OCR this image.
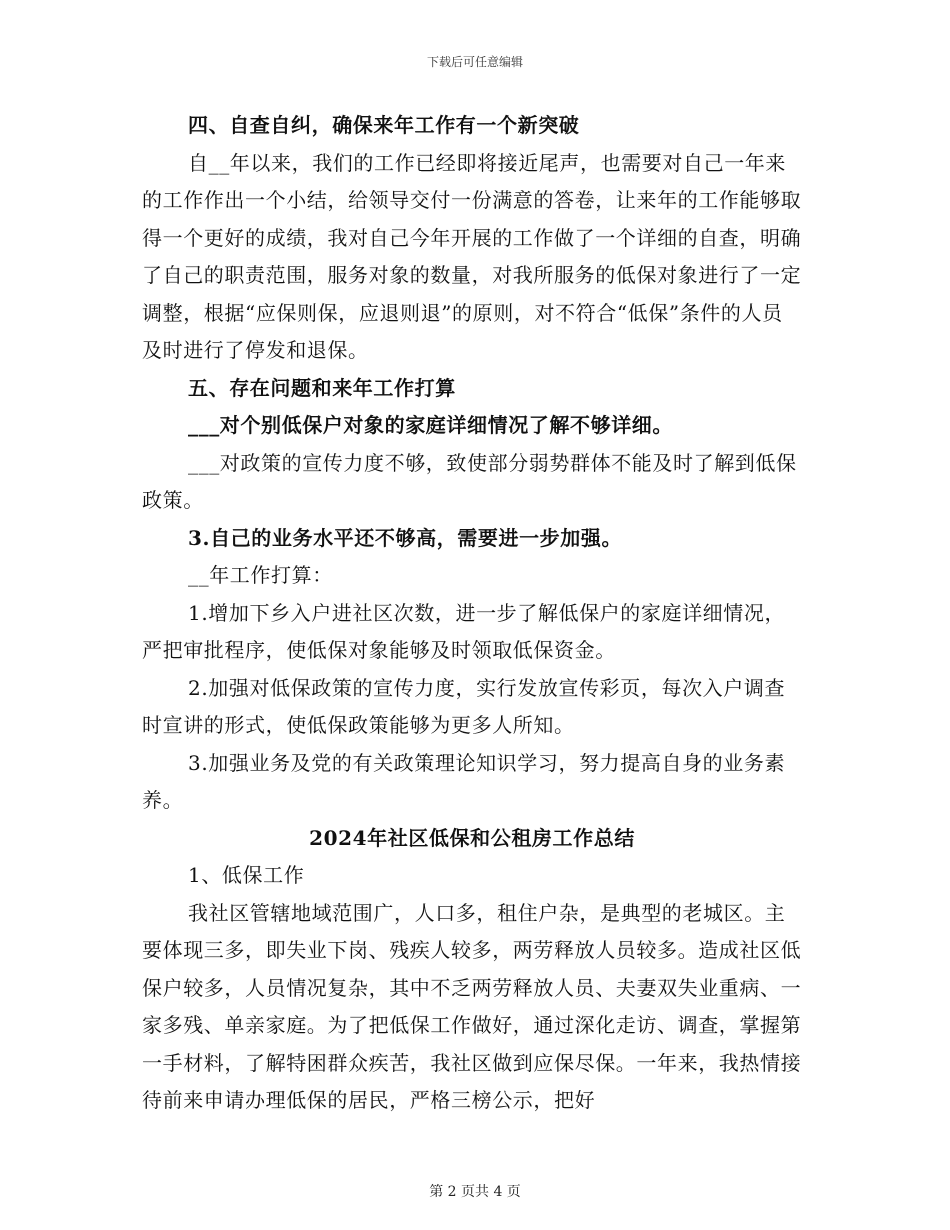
下载后可任意编辑

四、自查自纠，确保来年工作有一个新突破

自__年以来，我们的工作已经即将接近尾声，也需要对自己一年来的工作作出一个小结，给领导交付一份满意的答卷，让来年的工作能够取得一个更好的成绩，我对自己今年开展的工作做了一个详细的自查，明确了自己的职责范围，服务对象的数量，对我所服务的低保对象进行了一定调整，根据“应保则保，应退则退”的原则，对不符合“低保”条件的人员及时进行了停发和退保。

五、存在问题和来年工作打算

___对个别低保户对象的家庭详细情况了解不够详细。

___对政策的宣传力度不够，致使部分弱势群体不能及时了解到低保政策。

3.自己的业务水平还不够高，需要进一步加强。

__年工作打算：

1.增加下乡入户进社区次数，进一步了解低保户的家庭详细情况，严把审批程序，使低保对象能够及时领取低保资金。

2.加强对低保政策的宣传力度，实行发放宣传彩页，每次入户调查时宣讲的形式，使低保政策能够为更多人所知。

3.加强业务及党的有关政策理论知识学习，努力提高自身的业务素养。

2024年社区低保和公租房工作总结

1、低保工作

我社区管辖地域范围广，人口多，租住户杂，是典型的老城区。主要体现三多，即失业下岗、残疾人较多，两劳释放人员较多。造成社区低保户较多，人员情况复杂，其中不乏两劳释放人员、夫妻双失业重病、一家多残、单亲家庭。为了把低保工作做好，通过深化走访、调查，掌握第一手材料，了解特困群众疾苦，我社区做到应保尽保。一年来，我热情接待前来申请办理低保的居民，严格三榜公示，把好

第 2 页共 4 页
